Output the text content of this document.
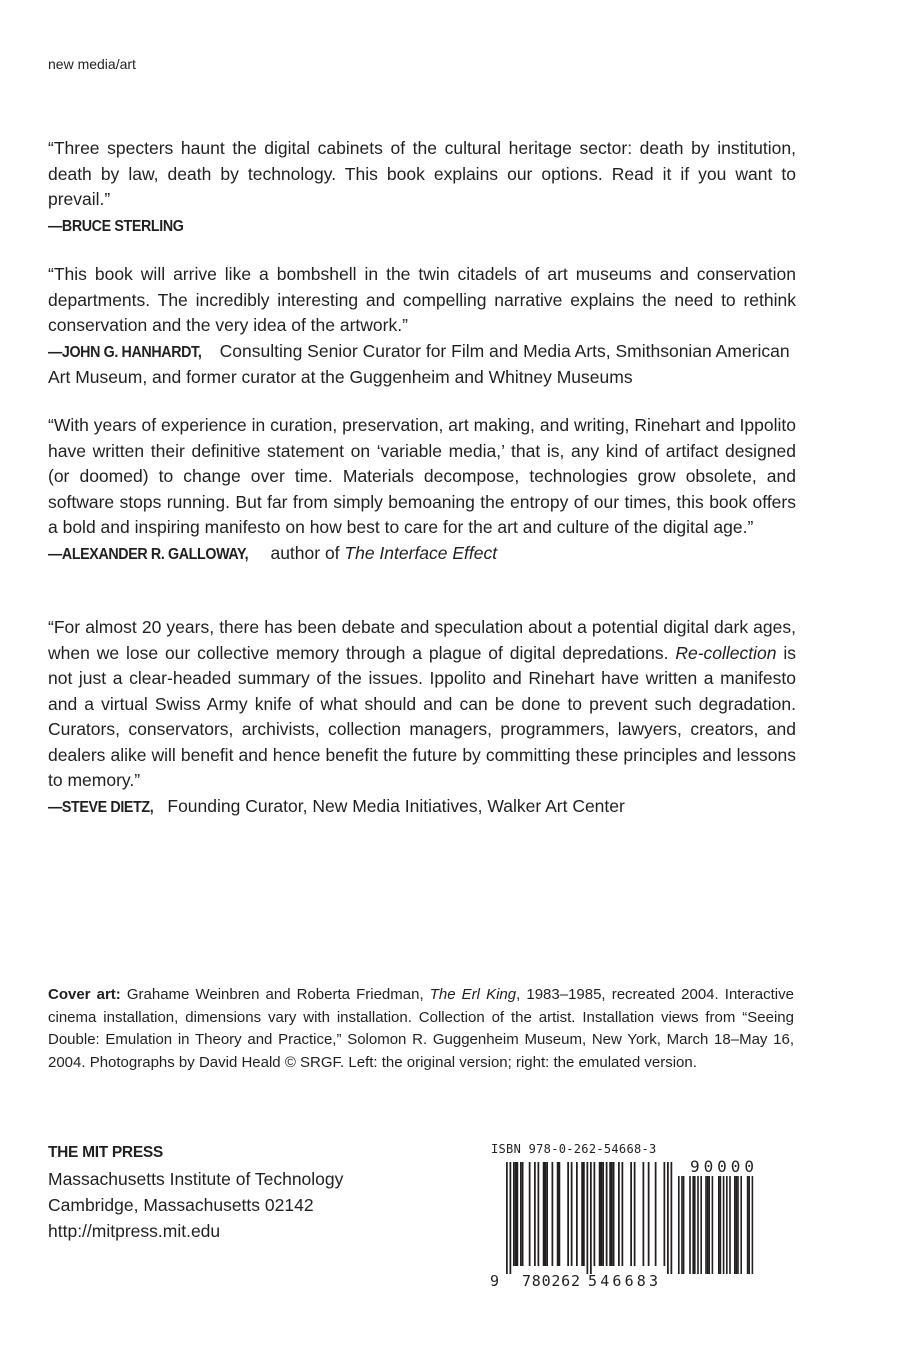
new media/art

“Three specters haunt the digital cabinets of the cultural heritage sector: death by institution, death by law, death by technology. This book explains our options. Read it if you want to prevail.”

—BRUCE STERLING

“This book will arrive like a bombshell in the twin citadels of art museums and conservation departments. The incredibly interesting and compelling narrative explains the need to rethink conservation and the very idea of the artwork.”

—JOHN G. HANHARDT, Consulting Senior Curator for Film and Media Arts, Smithsonian American Art Museum, and former curator at the Guggenheim and Whitney Museums

“With years of experience in curation, preservation, art making, and writing, Rinehart and Ippolito have written their definitive statement on ‘variable media,’ that is, any kind of artifact designed (or doomed) to change over time. Materials decompose, technologies grow obsolete, and software stops running. But far from simply bemoaning the entropy of our times, this book offers a bold and inspiring manifesto on how best to care for the art and culture of the digital age.”

—ALEXANDER R. GALLOWAY, author of The Interface Effect

“For almost 20 years, there has been debate and speculation about a potential digital dark ages, when we lose our collective memory through a plague of digital depredations. Re-collection is not just a clear-headed summary of the issues. Ippolito and Rinehart have written a manifesto and a virtual Swiss Army knife of what should and can be done to prevent such degradation. Curators, conservators, archivists, collection managers, programmers, lawyers, creators, and dealers alike will benefit and hence benefit the future by committing these principles and lessons to memory.”

—STEVE DIETZ, Founding Curator, New Media Initiatives, Walker Art Center

Cover art: Grahame Weinbren and Roberta Friedman, The Erl King, 1983–1985, recreated 2004. Interactive cinema installation, dimensions vary with installation. Collection of the artist. Installation views from “Seeing Double: Emulation in Theory and Practice,” Solomon R. Guggenheim Museum, New York, March 18–May 16, 2004. Photographs by David Heald © SRGF. Left: the original version; right: the emulated version.

THE MIT PRESS

Massachusetts Institute of Technology

Cambridge, Massachusetts 02142

http://mitpress.mit.edu

ISBN 978-0-262-54668-3
9 780262 546683
90000
